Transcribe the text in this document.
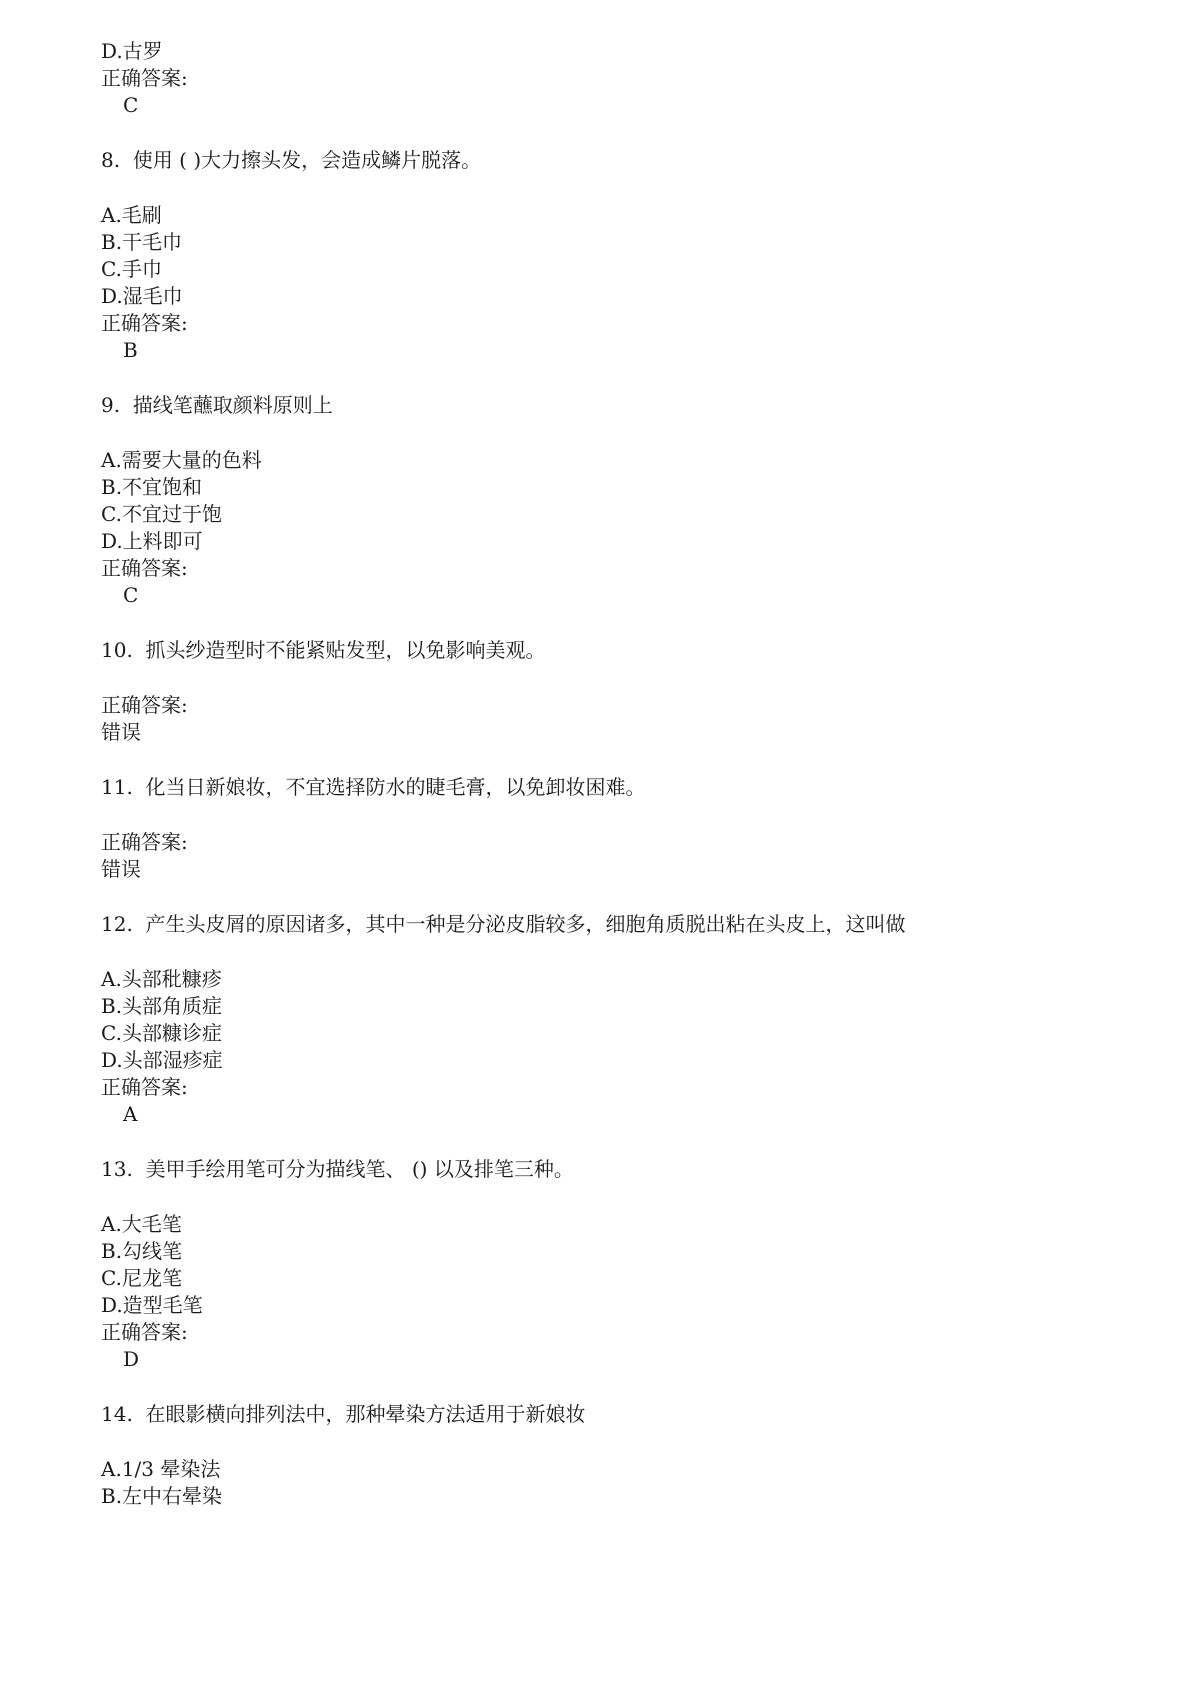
D.古罗
正确答案:
C
8.  使用 ( )大力擦头发，会造成鳞片脱落。
A.毛刷
B.干毛巾
C.手巾
D.湿毛巾
正确答案:
B
9.  描线笔蘸取颜料原则上
A.需要大量的色料
B.不宜饱和
C.不宜过于饱
D.上料即可
正确答案:
C
10.  抓头纱造型时不能紧贴发型，以免影响美观。
正确答案:
错误
11.  化当日新娘妆，不宜选择防水的睫毛膏，以免卸妆困难。
正确答案:
错误
12.  产生头皮屑的原因诸多，其中一种是分泌皮脂较多，细胞角质脱出粘在头皮上，这叫做
A.头部秕糠疹
B.头部角质症
C.头部糠诊症
D.头部湿疹症
正确答案:
A
13.  美甲手绘用笔可分为描线笔、 () 以及排笔三种。
A.大毛笔
B.勾线笔
C.尼龙笔
D.造型毛笔
正确答案:
D
14.  在眼影横向排列法中，那种晕染方法适用于新娘妆
A.1/3 晕染法
B.左中右晕染
